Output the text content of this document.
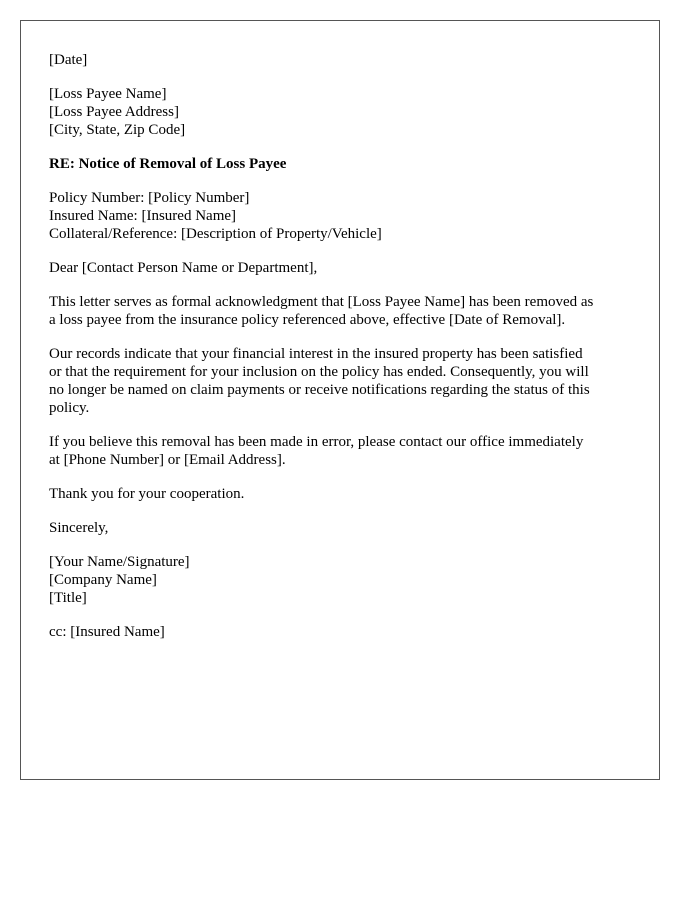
[Date]

[Loss Payee Name]
[Loss Payee Address]
[City, State, Zip Code]

RE: Notice of Removal of Loss Payee

Policy Number: [Policy Number]
Insured Name: [Insured Name]
Collateral/Reference: [Description of Property/Vehicle]

Dear [Contact Person Name or Department],

This letter serves as formal acknowledgment that [Loss Payee Name] has been removed as
a loss payee from the insurance policy referenced above, effective [Date of Removal].

Our records indicate that your financial interest in the insured property has been satisfied
or that the requirement for your inclusion on the policy has ended. Consequently, you will
no longer be named on claim payments or receive notifications regarding the status of this
policy.

If you believe this removal has been made in error, please contact our office immediately
at [Phone Number] or [Email Address].

Thank you for your cooperation.

Sincerely,

[Your Name/Signature]
[Company Name]
[Title]

cc: [Insured Name]
